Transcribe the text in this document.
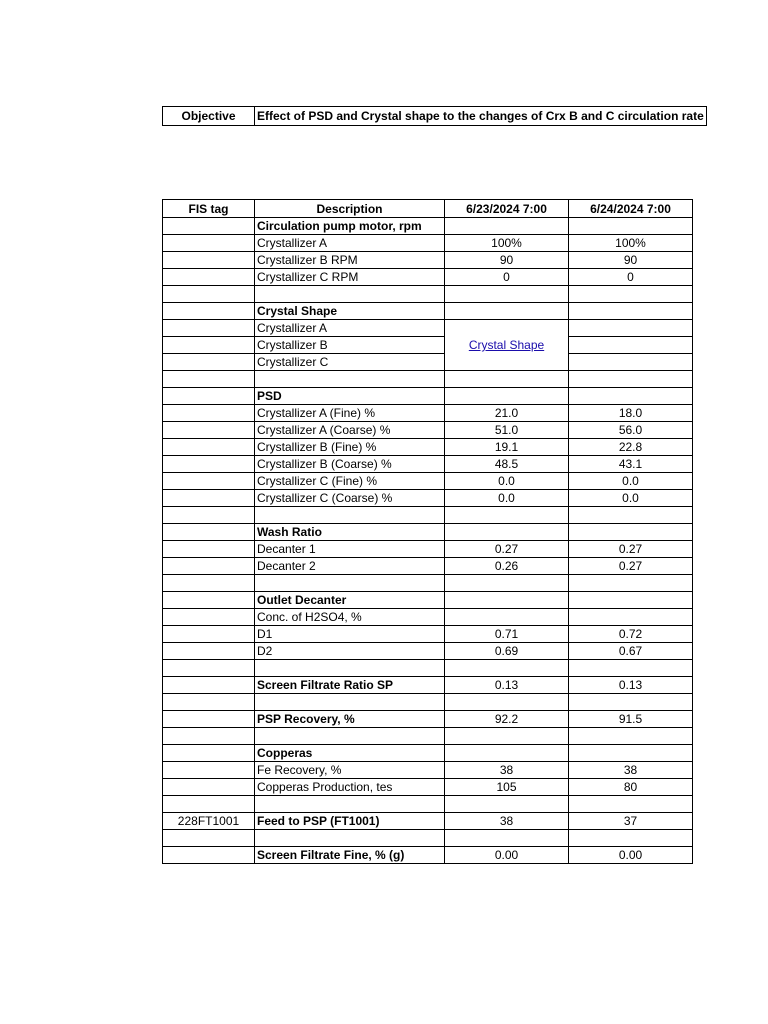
Objective	Effect of PSD and Crystal shape to the changes of Crx B and C circulation rate
FIS tag	Description	6/23/2024 7:00	6/24/2024 7:00
	Circulation pump motor, rpm		
	Crystallizer A	100%	100%
	Crystallizer B RPM	90	90
	Crystallizer C RPM	0	0

	Crystal Shape		
	Crystallizer A	Crystal Shape	
	Crystallizer B		
	Crystallizer C		

	PSD		
	Crystallizer A (Fine) %	21.0	18.0
	Crystallizer A (Coarse) %	51.0	56.0
	Crystallizer B (Fine) %	19.1	22.8
	Crystallizer B (Coarse) %	48.5	43.1
	Crystallizer C (Fine) %	0.0	0.0
	Crystallizer C (Coarse) %	0.0	0.0

	Wash Ratio		
	Decanter 1	0.27	0.27
	Decanter 2	0.26	0.27

	Outlet Decanter		
	Conc. of H2SO4, %		
	D1	0.71	0.72
	D2	0.69	0.67

	Screen Filtrate Ratio SP	0.13	0.13

	PSP Recovery, %	92.2	91.5

	Copperas		
	Fe Recovery, %	38	38
	Copperas Production, tes	105	80

228FT1001	Feed to PSP (FT1001)	38	37

	Screen Filtrate Fine, % (g)	0.00	0.00
